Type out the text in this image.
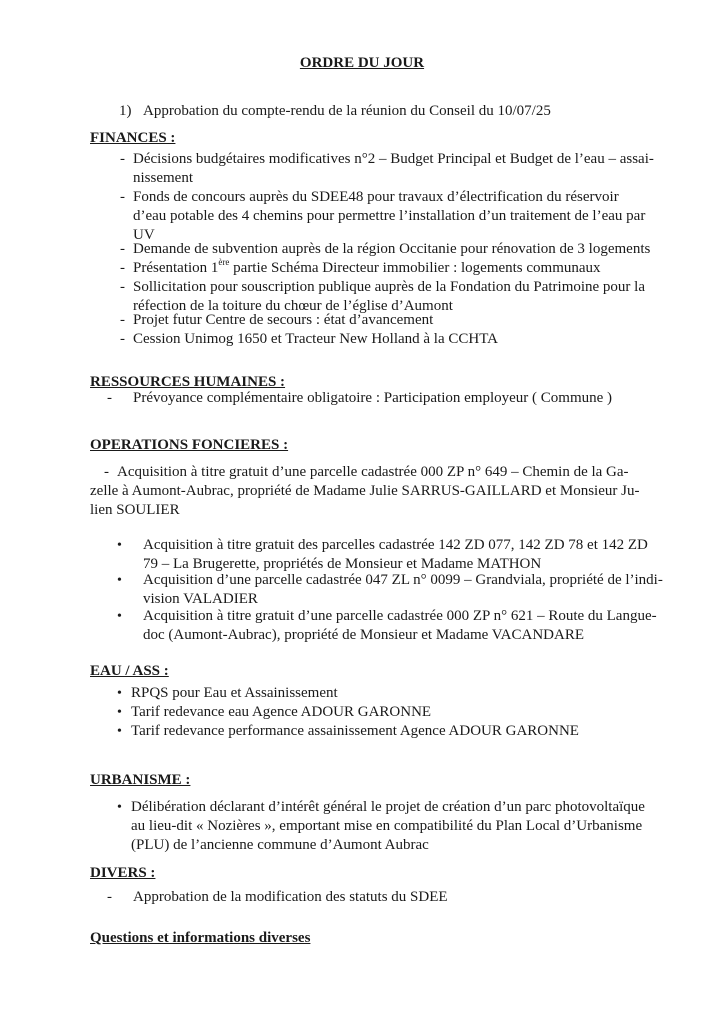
ORDRE DU JOUR
1) Approbation du compte-rendu de la réunion du Conseil du 10/07/25
FINANCES :
- Décisions budgétaires modificatives n°2 – Budget Principal et Budget de l’eau – assai-
nissement
- Fonds de concours auprès du SDEE48 pour travaux d’électrification du réservoir
d’eau potable des 4 chemins pour permettre l’installation d’un traitement de l’eau par
UV
- Demande de subvention auprès de la région Occitanie pour rénovation de 3 logements
- Présentation 1ère partie Schéma Directeur immobilier : logements communaux
- Sollicitation pour souscription publique auprès de la Fondation du Patrimoine pour la
réfection de la toiture du chœur de l’église d’Aumont
- Projet futur Centre de secours : état d’avancement
- Cession Unimog 1650 et Tracteur New Holland à la CCHTA
RESSOURCES HUMAINES :
- Prévoyance complémentaire obligatoire : Participation employeur ( Commune )
OPERATIONS FONCIERES :
- Acquisition à titre gratuit d’une parcelle cadastrée 000 ZP n° 649 – Chemin de la Ga-
zelle à Aumont-Aubrac, propriété de Madame Julie SARRUS-GAILLARD et Monsieur Ju-
lien SOULIER
• Acquisition à titre gratuit des parcelles cadastrée 142 ZD 077, 142 ZD 78 et 142 ZD
79 – La Brugerette, propriétés de Monsieur et Madame MATHON
• Acquisition d’une parcelle cadastrée 047 ZL n° 0099 – Grandviala, propriété de l’indi-
vision VALADIER
• Acquisition à titre gratuit d’une parcelle cadastrée 000 ZP n° 621 – Route du Langue-
doc (Aumont-Aubrac), propriété de Monsieur et Madame VACANDARE
EAU / ASS :
• RPQS pour Eau et Assainissement
• Tarif redevance eau Agence ADOUR GARONNE
• Tarif redevance performance assainissement Agence ADOUR GARONNE
URBANISME :
• Délibération déclarant d’intérêt général le projet de création d’un parc photovoltaïque
au lieu-dit « Nozières », emportant mise en compatibilité du Plan Local d’Urbanisme
(PLU) de l’ancienne commune d’Aumont Aubrac
DIVERS :
- Approbation de la modification des statuts du SDEE
Questions et informations diverses
